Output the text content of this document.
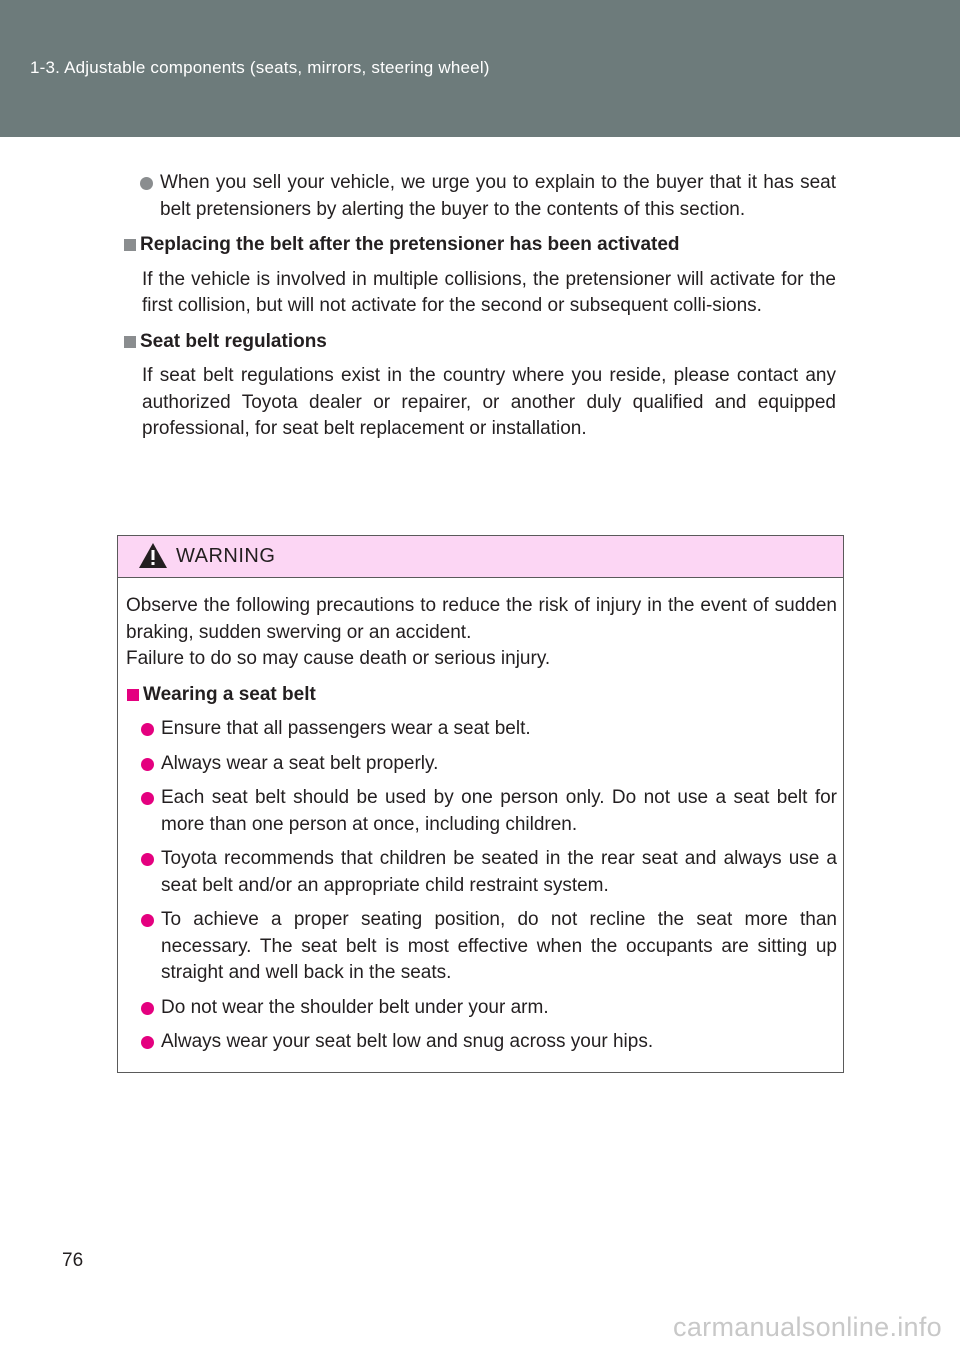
1-3. Adjustable components (seats, mirrors, steering wheel)

When you sell your vehicle, we urge you to explain to the buyer that it has seat belt pretensioners by alerting the buyer to the contents of this section.

Replacing the belt after the pretensioner has been activated

If the vehicle is involved in multiple collisions, the pretensioner will activate for the first collision, but will not activate for the second or subsequent colli-sions.

Seat belt regulations

If seat belt regulations exist in the country where you reside, please contact any authorized Toyota dealer or repairer, or another duly qualified and equipped professional, for seat belt replacement or installation.

WARNING

Observe the following precautions to reduce the risk of injury in the event of sudden braking, sudden swerving or an accident.

Failure to do so may cause death or serious injury.

Wearing a seat belt

Ensure that all passengers wear a seat belt.

Always wear a seat belt properly.

Each seat belt should be used by one person only. Do not use a seat belt for more than one person at once, including children.

Toyota recommends that children be seated in the rear seat and always use a seat belt and/or an appropriate child restraint system.

To achieve a proper seating position, do not recline the seat more than necessary. The seat belt is most effective when the occupants are sitting up straight and well back in the seats.

Do not wear the shoulder belt under your arm.

Always wear your seat belt low and snug across your hips.

76
carmanualsonline.info
